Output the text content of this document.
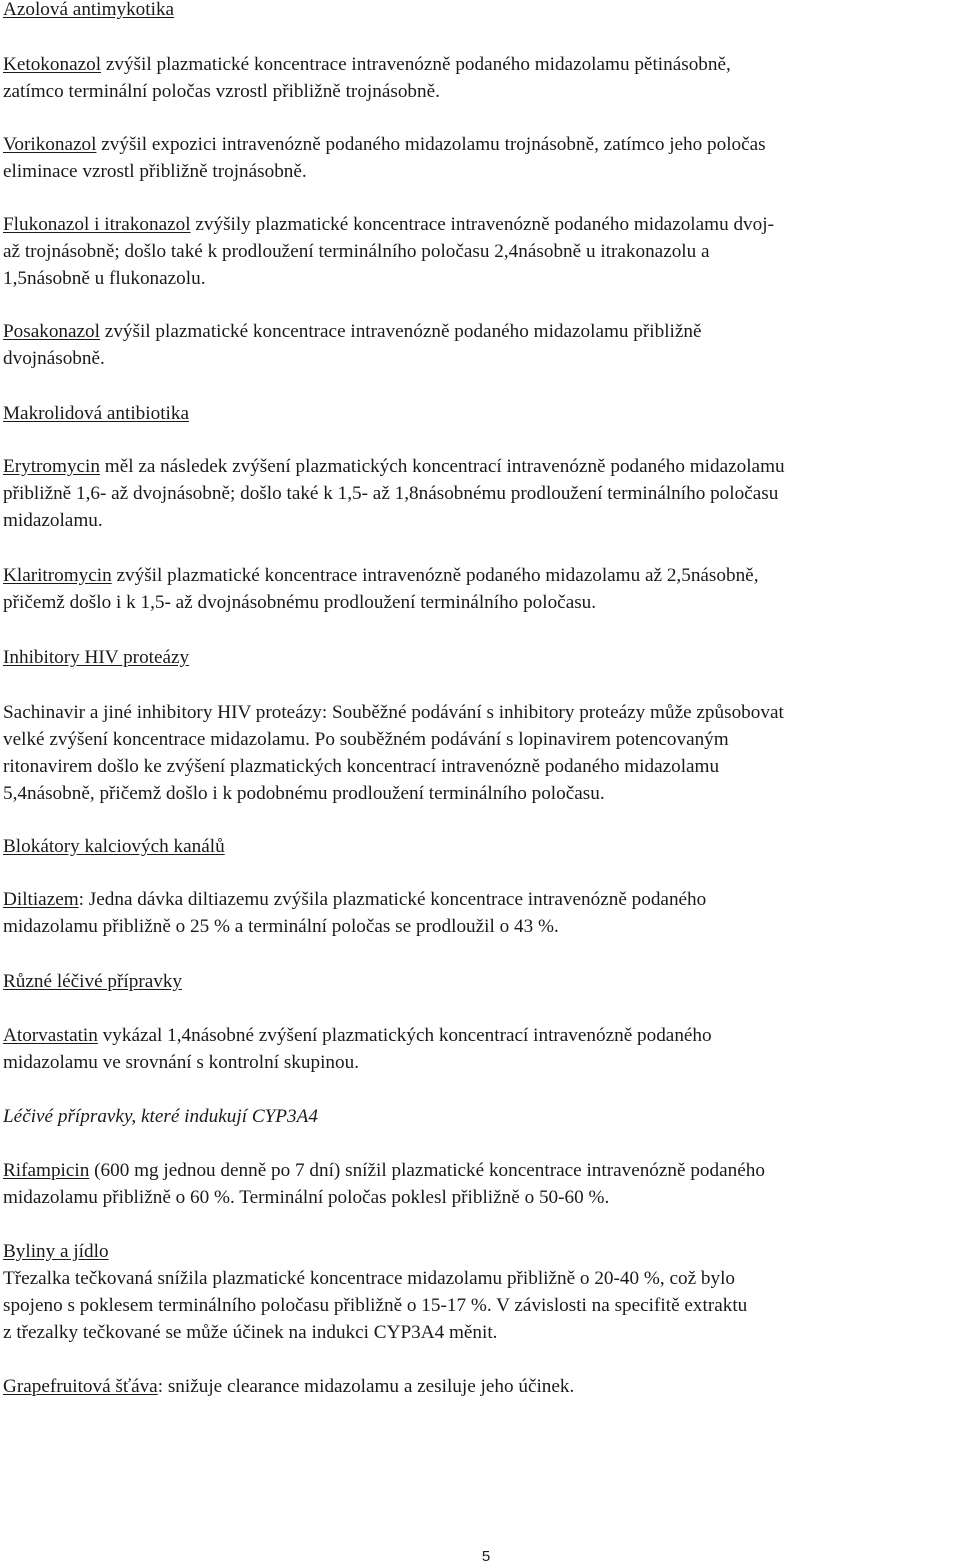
Azolová antimykotika

Ketokonazol zvýšil plazmatické koncentrace intravenózně podaného midazolamu pětinásobně,

zatímco terminální poločas vzrostl přibližně trojnásobně.

Vorikonazol zvýšil expozici intravenózně podaného midazolamu trojnásobně, zatímco jeho poločas

eliminace vzrostl přibližně trojnásobně.

Flukonazol i itrakonazol zvýšily plazmatické koncentrace intravenózně podaného midazolamu dvoj-

až trojnásobně; došlo také k prodloužení terminálního poločasu 2,4násobně u itrakonazolu a

1,5násobně u flukonazolu.

Posakonazol zvýšil plazmatické koncentrace intravenózně podaného midazolamu přibližně

dvojnásobně.

Makrolidová antibiotika

Erytromycin měl za následek zvýšení plazmatických koncentrací intravenózně podaného midazolamu

přibližně 1,6- až dvojnásobně; došlo také k 1,5- až 1,8násobnému prodloužení terminálního poločasu

midazolamu.

Klaritromycin zvýšil plazmatické koncentrace intravenózně podaného midazolamu až 2,5násobně,

přičemž došlo i k 1,5- až dvojnásobnému prodloužení terminálního poločasu.

Inhibitory HIV proteázy

Sachinavir a jiné inhibitory HIV proteázy: Souběžné podávání s inhibitory proteázy může způsobovat

velké zvýšení koncentrace midazolamu. Po souběžném podávání s lopinavirem potencovaným

ritonavirem došlo ke zvýšení plazmatických koncentrací intravenózně podaného midazolamu

5,4násobně, přičemž došlo i k podobnému prodloužení terminálního poločasu.

Blokátory kalciových kanálů

Diltiazem: Jedna dávka diltiazemu zvýšila plazmatické koncentrace intravenózně podaného

midazolamu přibližně o 25 % a terminální poločas se prodloužil o 43 %.

Různé léčivé přípravky

Atorvastatin vykázal 1,4násobné zvýšení plazmatických koncentrací intravenózně podaného

midazolamu ve srovnání s kontrolní skupinou.

Léčivé přípravky, které indukují CYP3A4

Rifampicin (600 mg jednou denně po 7 dní) snížil plazmatické koncentrace intravenózně podaného

midazolamu přibližně o 60 %. Terminální poločas poklesl přibližně o 50-60 %.

Byliny a jídlo

Třezalka tečkovaná snížila plazmatické koncentrace midazolamu přibližně o 20-40 %, což bylo

spojeno s poklesem terminálního poločasu přibližně o 15-17 %. V závislosti na specifitě extraktu

z třezalky tečkované se může účinek na indukci CYP3A4 měnit.

Grapefruitová šťáva: snižuje clearance midazolamu a zesiluje jeho účinek.

5
